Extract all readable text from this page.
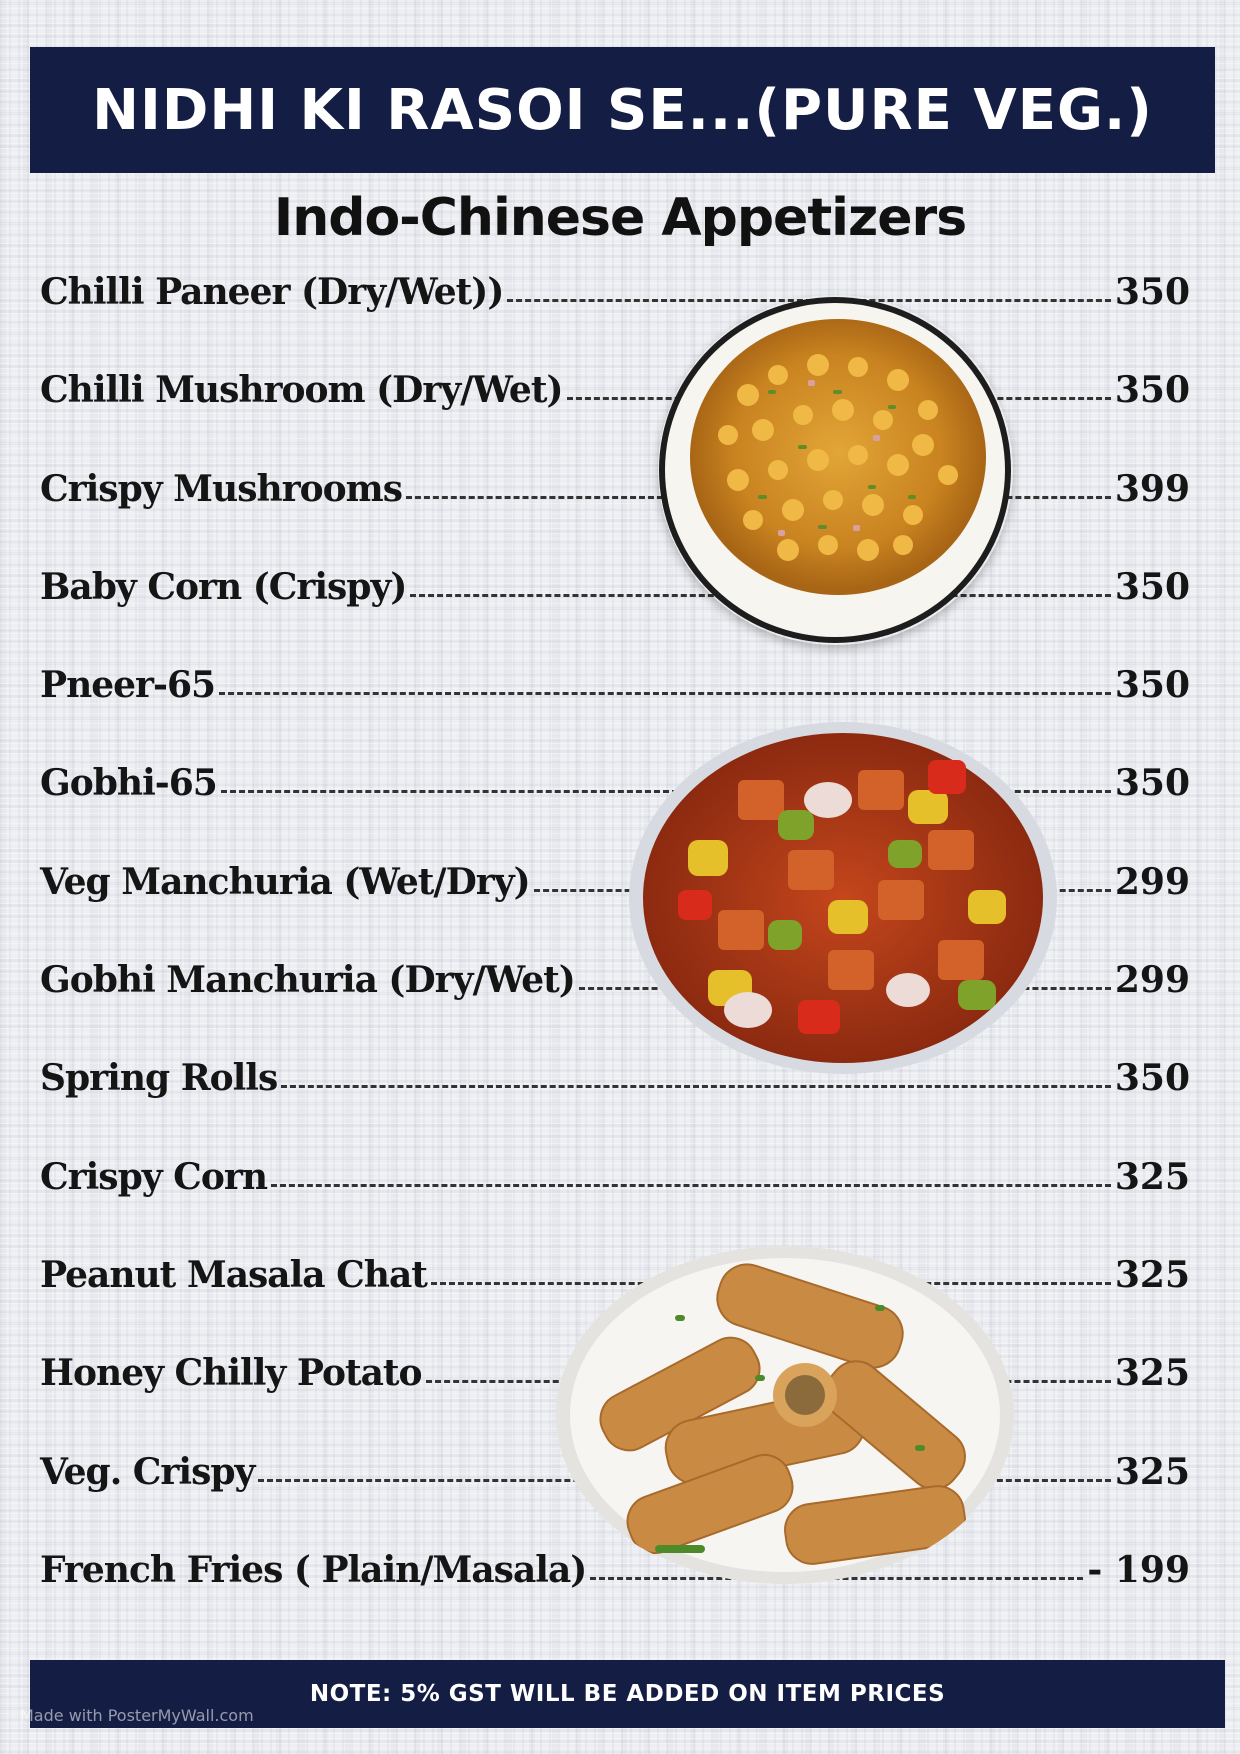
NIDHI KI RASOI SE...(PURE VEG.)
Indo-Chinese Appetizers
Chilli Paneer (Dry/Wet))	350
Chilli Mushroom (Dry/Wet)	350
Crispy Mushrooms	399
Baby Corn (Crispy)	350
Pneer-65	350
Gobhi-65	350
Veg Manchuria (Wet/Dry)	299
Gobhi Manchuria (Dry/Wet)	299
Spring Rolls	350
Crispy Corn	325
Peanut Masala Chat	325
Honey Chilly Potato	325
Veg. Crispy	325
French Fries ( Plain/Masala)	- 199
NOTE: 5% GST WILL BE ADDED ON ITEM PRICES
Made with PosterMyWall.com
